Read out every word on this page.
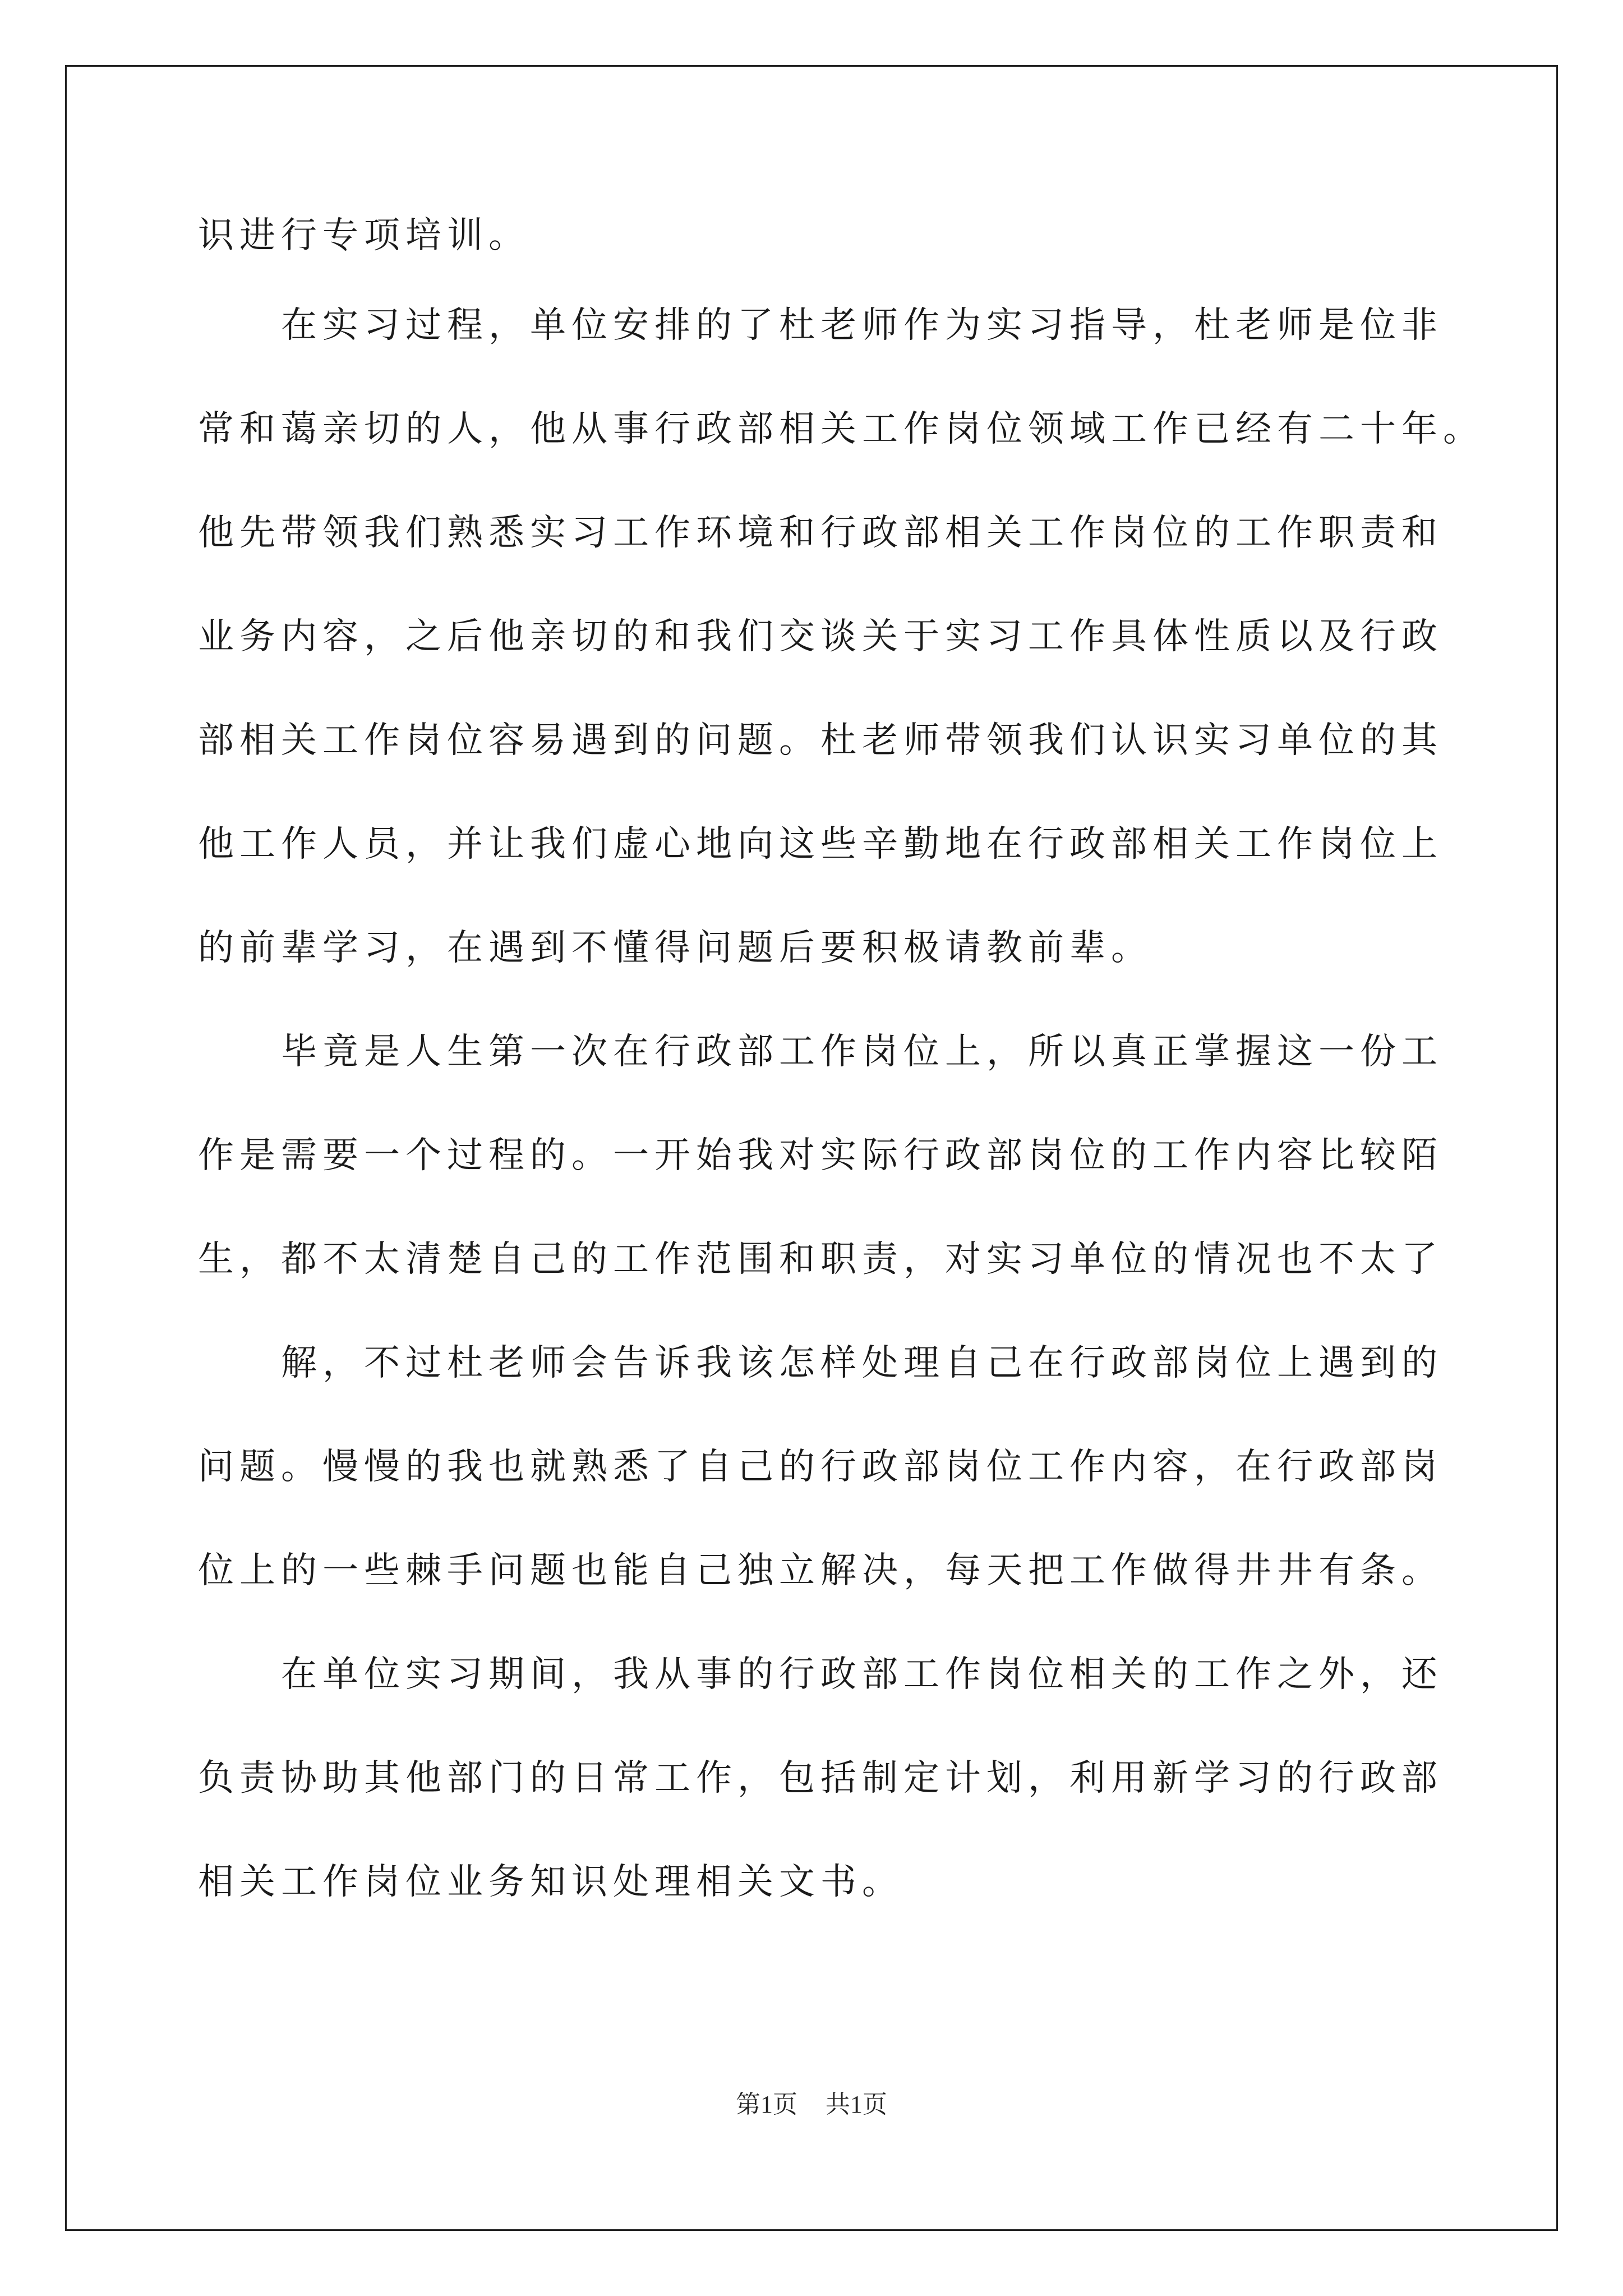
识进行专项培训。
在实习过程，单位安排的了杜老师作为实习指导，杜老师是位非
常和蔼亲切的人，他从事行政部相关工作岗位领域工作已经有二十年。
他先带领我们熟悉实习工作环境和行政部相关工作岗位的工作职责和
业务内容，之后他亲切的和我们交谈关于实习工作具体性质以及行政
部相关工作岗位容易遇到的问题。杜老师带领我们认识实习单位的其
他工作人员，并让我们虚心地向这些辛勤地在行政部相关工作岗位上
的前辈学习，在遇到不懂得问题后要积极请教前辈。
毕竟是人生第一次在行政部工作岗位上，所以真正掌握这一份工
作是需要一个过程的。一开始我对实际行政部岗位的工作内容比较陌
生，都不太清楚自己的工作范围和职责，对实习单位的情况也不太了
解，不过杜老师会告诉我该怎样处理自己在行政部岗位上遇到的
问题。慢慢的我也就熟悉了自己的行政部岗位工作内容，在行政部岗
位上的一些棘手问题也能自己独立解决，每天把工作做得井井有条。
在单位实习期间，我从事的行政部工作岗位相关的工作之外，还
负责协助其他部门的日常工作，包括制定计划，利用新学习的行政部
相关工作岗位业务知识处理相关文书。
第1页 共1页
